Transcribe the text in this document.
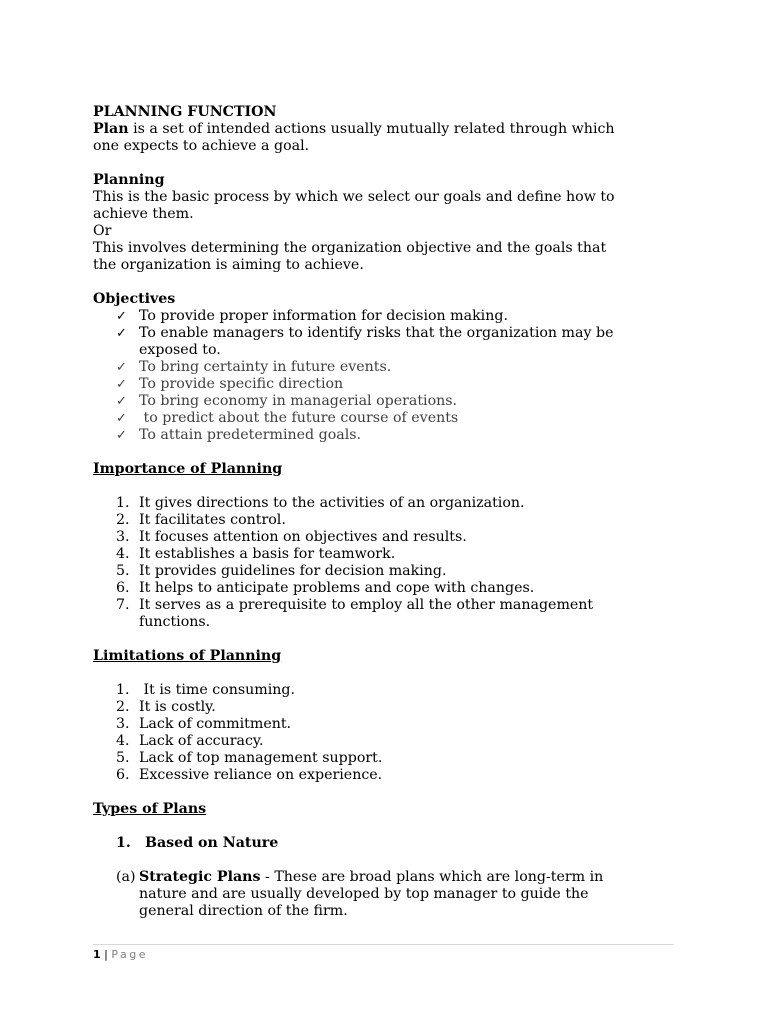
PLANNING FUNCTION

Plan is a set of intended actions usually mutually related through which

one expects to achieve a goal.

Planning

This is the basic process by which we select our goals and define how to

achieve them.

Or

This involves determining the organization objective and the goals that

the organization is aiming to achieve.

Objectives

✓ To provide proper information for decision making.
✓ To enable managers to identify risks that the organization may be
exposed to.
✓ To bring certainty in future events.
✓ To provide specific direction
✓ To bring economy in managerial operations.
✓ to predict about the future course of events
✓ To attain predetermined goals.

Importance of Planning

1. It gives directions to the activities of an organization.
2. It facilitates control.
3. It focuses attention on objectives and results.
4. It establishes a basis for teamwork.
5. It provides guidelines for decision making.
6. It helps to anticipate problems and cope with changes.
7. It serves as a prerequisite to employ all the other management
functions.

Limitations of Planning

1. It is time consuming.
2. It is costly.
3. Lack of commitment.
4. Lack of accuracy.
5. Lack of top management support.
6. Excessive reliance on experience.

Types of Plans

1. Based on Nature
(a) Strategic Plans - These are broad plans which are long-term in
nature and are usually developed by top manager to guide the
general direction of the firm.
1 | Page
